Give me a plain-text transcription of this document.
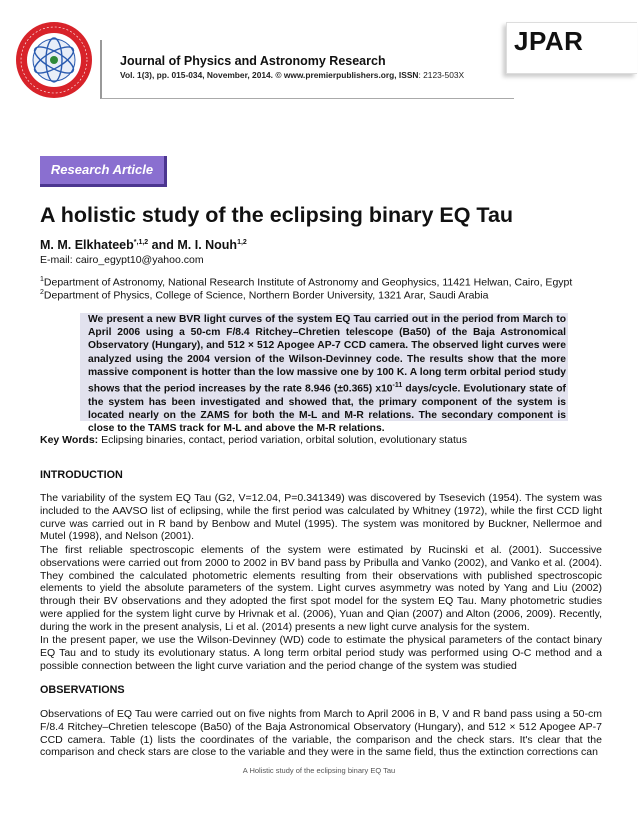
Journal of Physics and Astronomy Research
Vol. 1(3), pp. 015-034, November, 2014. © www.premierpublishers.org, ISSN: 2123-503X
JPAR
Research Article
A holistic study of the eclipsing binary EQ Tau
M. M. Elkhateeb$^{*,1,2}$ and M. I. Nouh$^{1,2}$
E-mail: cairo_egypt10@yahoo.com
$^1$Department of Astronomy, National Research Institute of Astronomy and Geophysics, 11421 Helwan, Cairo, Egypt
$^2$Department of Physics, College of Science, Northern Border University, 1321 Arar, Saudi Arabia
We present a new BVR light curves of the system EQ Tau carried out in the period from March to April 2006 using a 50-cm F/8.4 Ritchey–Chretien telescope (Ba50) of the Baja Astronomical Observatory (Hungary), and 512 × 512 Apogee AP-7 CCD camera. The observed light curves were analyzed using the 2004 version of the Wilson-Devinney code. The results show that the more massive component is hotter than the low massive one by 100 K. A long term orbital period study shows that the period increases by the rate 8.946 (±0.365) $x10^{-11}$ days/cycle. Evolutionary state of the system has been investigated and showed that, the primary component of the system is located nearly on the ZAMS for both the M-L and M-R relations. The secondary component is close to the TAMS track for M-L and above the M-R relations.
Key Words: Eclipsing binaries, contact, period variation, orbital solution, evolutionary status
INTRODUCTION
The variability of the system EQ Tau (G2, V=12.04, P=0.341349) was discovered by Tsesevich (1954). The system was included to the AAVSO list of eclipsing, while the first period was calculated by Whitney (1972), while the first CCD light curve was carried out in R band by Benbow and Mutel (1995). The system was monitored by Buckner, Nellermoe and Mutel (1998), and Nelson (2001).
The first reliable spectroscopic elements of the system were estimated by Rucinski et al. (2001). Successive observations were carried out from 2000 to 2002 in BV band pass by Pribulla and Vanko (2002), and Vanko et al. (2004). They combined the calculated photometric elements resulting from their observations with published spectroscopic elements to yield the absolute parameters of the system. Light curves asymmetry was noted by Yang and Liu (2002) through their BV observations and they adopted the first spot model for the system EQ Tau. Many photometric studies were applied for the system light curve by Hrivnak et al. (2006), Yuan and Qian (2007) and Alton (2006, 2009). Recently, during the work in the present analysis, Li et al. (2014) presents a new light curve analysis for the system.
In the present paper, we use the Wilson-Devinney (WD) code to estimate the physical parameters of the contact binary EQ Tau and to study its evolutionary status. A long term orbital period study was performed using O-C method and a possible connection between the light curve variation and the period change of the system was studied
OBSERVATIONS
Observations of EQ Tau were carried out on five nights from March to April 2006 in B, V and R band pass using a 50-cm F/8.4 Ritchey–Chretien telescope (Ba50) of the Baja Astronomical Observatory (Hungary), and 512 × 512 Apogee AP-7 CCD camera. Table (1) lists the coordinates of the variable, the comparison and the check stars. It's clear that the comparison and check stars are close to the variable and they were in the same field, thus the extinction corrections can
A Holistic study of the eclipsing binary EQ Tau
